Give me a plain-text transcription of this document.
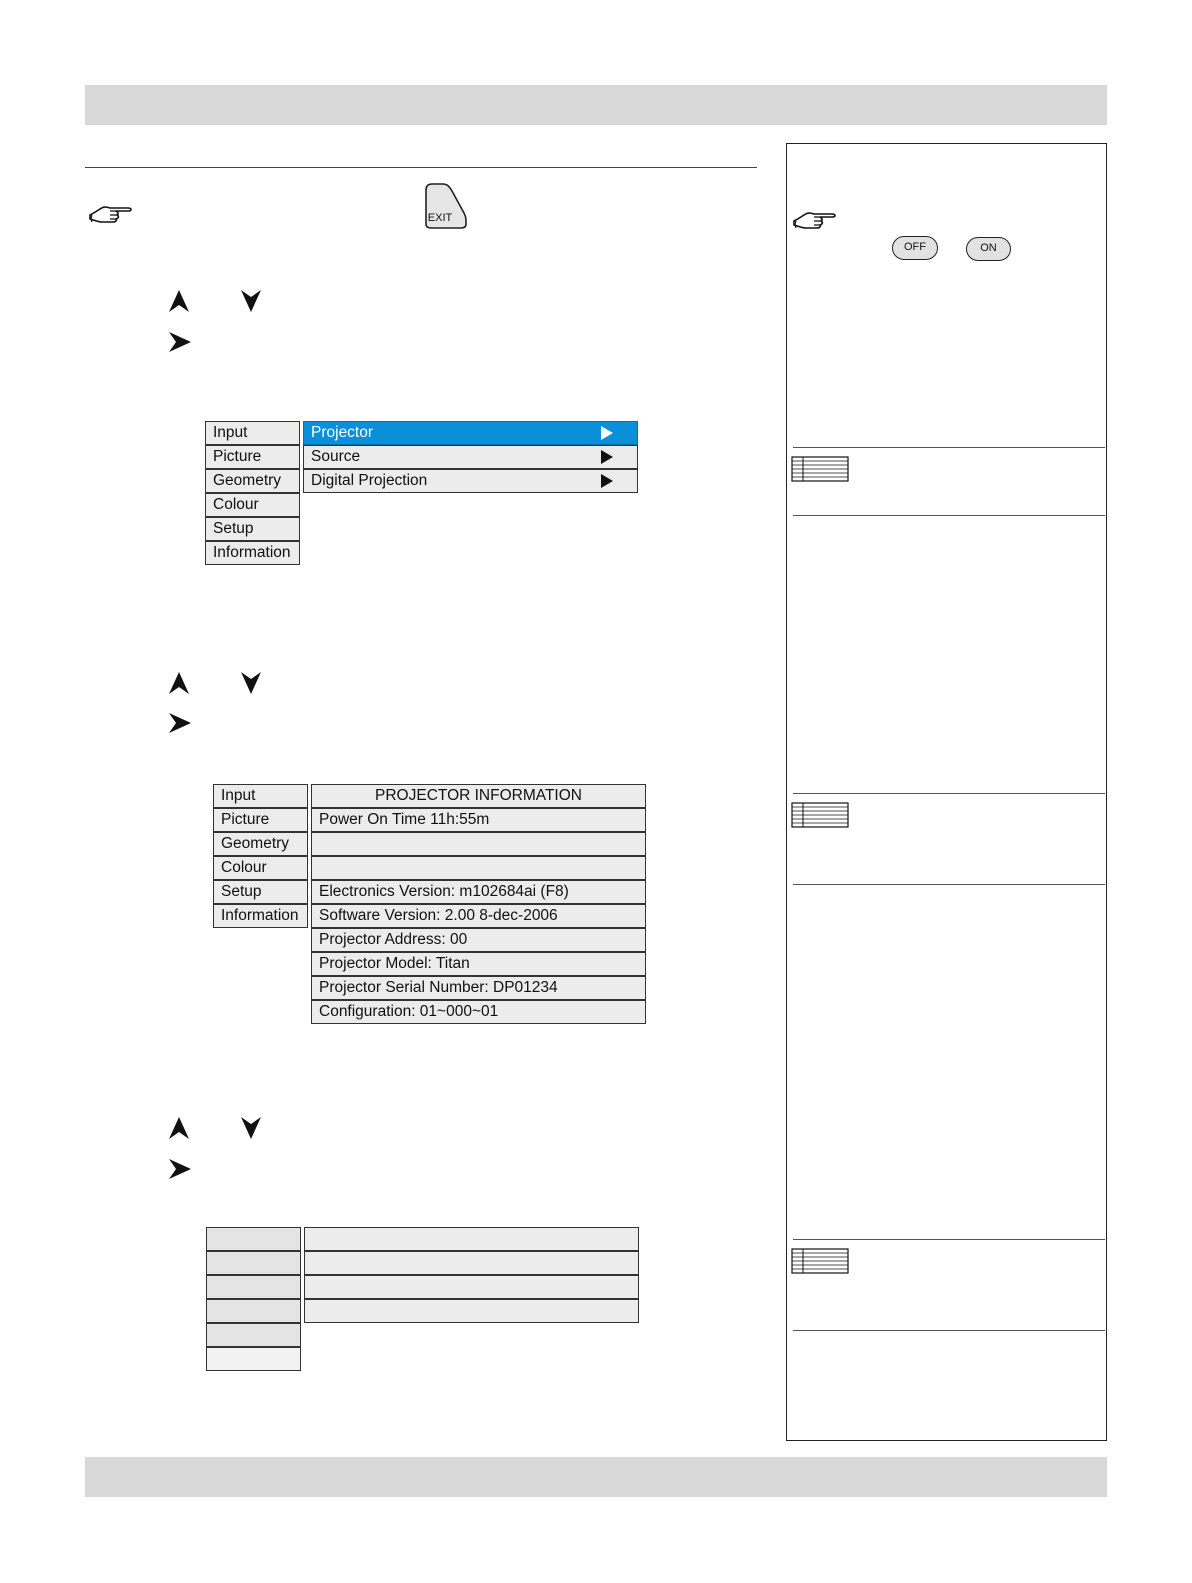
EXIT
Input
Picture
Geometry
Colour
Setup
Information
Projector
Source
Digital Projection
Input
Picture
Geometry
Colour
Setup
Information
PROJECTOR INFORMATION
Power On Time 11h:55m
Electronics Version: m102684ai (F8)
Software Version: 2.00 8-dec-2006
Projector Address: 00
Projector Model: Titan
Projector Serial Number: DP01234
Configuration: 01~000~01
OFF	ON
